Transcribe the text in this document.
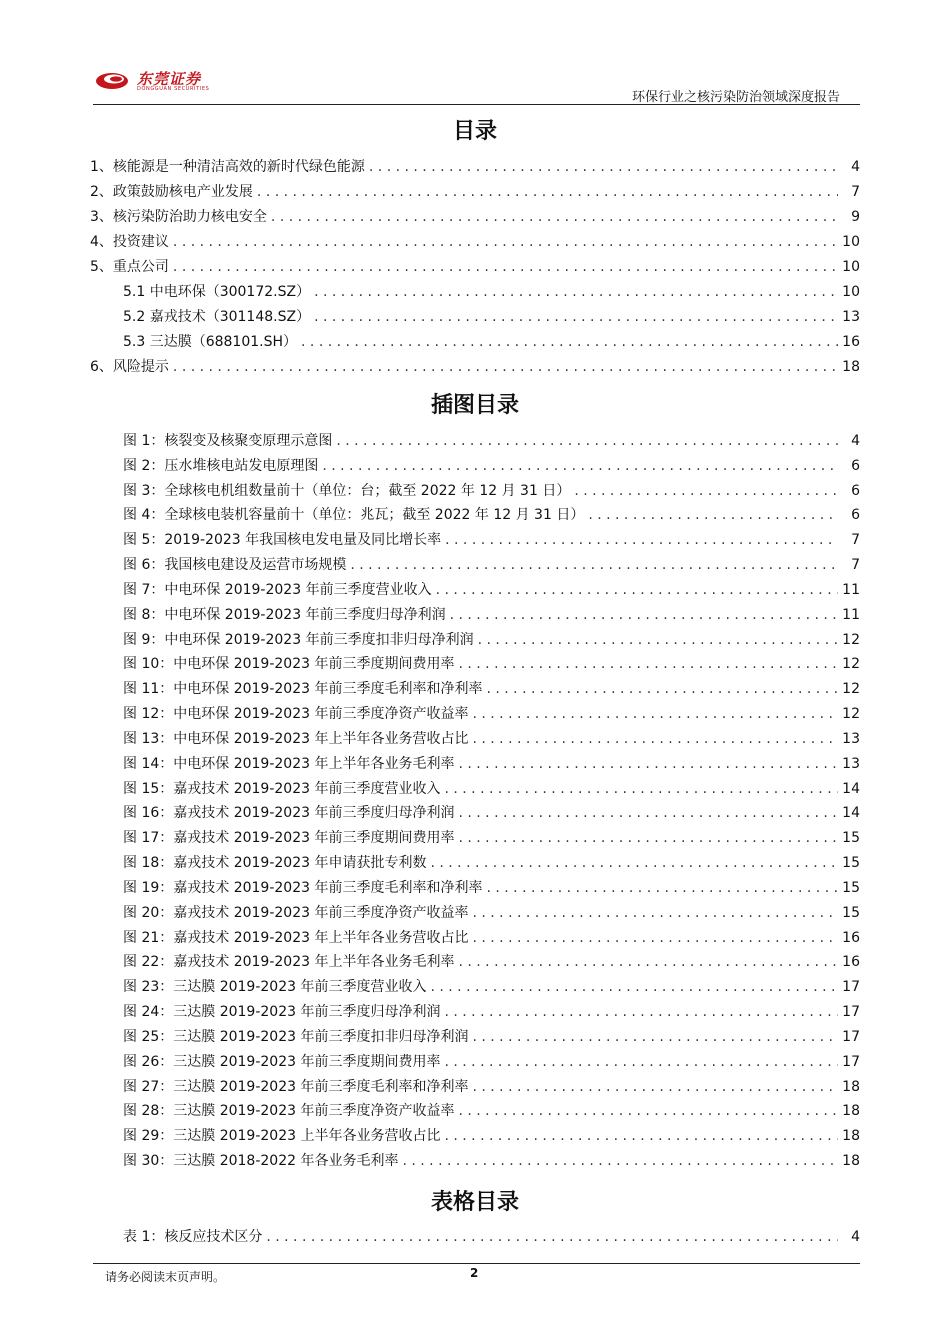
东莞证券
DONGGUAN SECURITIES
环保行业之核污染防治领域深度报告
目录
1、核能源是一种清洁高效的新时代绿色能源 . . .	4
2、政策鼓励核电产业发展 . . .	7
3、核污染防治助力核电安全 . . .	9
4、投资建议 . . .	10
5、重点公司 . . .	10
5.1 中电环保（300172.SZ） . . .	10
5.2 嘉戎技术（301148.SZ） . . .	13
5.3 三达膜（688101.SH） . . .	16
6、风险提示 . . .	18
插图目录
图 1：核裂变及核聚变原理示意图 . . .	4
图 2：压水堆核电站发电原理图 . . .	6
图 3：全球核电机组数量前十（单位：台；截至 2022 年 12 月 31 日） . . .	6
图 4：全球核电装机容量前十（单位：兆瓦；截至 2022 年 12 月 31 日） . . .	6
图 5：2019-2023 年我国核电发电量及同比增长率 . . .	7
图 6：我国核电建设及运营市场规模 . . .	7
图 7：中电环保 2019-2023 年前三季度营业收入 . . .	11
图 8：中电环保 2019-2023 年前三季度归母净利润 . . .	11
图 9：中电环保 2019-2023 年前三季度扣非归母净利润 . . .	12
图 10：中电环保 2019-2023 年前三季度期间费用率 . . .	12
图 11：中电环保 2019-2023 年前三季度毛利率和净利率 . . .	12
图 12：中电环保 2019-2023 年前三季度净资产收益率 . . .	12
图 13：中电环保 2019-2023 年上半年各业务营收占比 . . .	13
图 14：中电环保 2019-2023 年上半年各业务毛利率 . . .	13
图 15：嘉戎技术 2019-2023 年前三季度营业收入 . . .	14
图 16：嘉戎技术 2019-2023 年前三季度归母净利润 . . .	14
图 17：嘉戎技术 2019-2023 年前三季度期间费用率 . . .	15
图 18：嘉戎技术 2019-2023 年申请获批专利数 . . .	15
图 19：嘉戎技术 2019-2023 年前三季度毛利率和净利率 . . .	15
图 20：嘉戎技术 2019-2023 年前三季度净资产收益率 . . .	15
图 21：嘉戎技术 2019-2023 年上半年各业务营收占比 . . .	16
图 22：嘉戎技术 2019-2023 年上半年各业务毛利率 . . .	16
图 23：三达膜 2019-2023 年前三季度营业收入 . . .	17
图 24：三达膜 2019-2023 年前三季度归母净利润 . . .	17
图 25：三达膜 2019-2023 年前三季度扣非归母净利润 . . .	17
图 26：三达膜 2019-2023 年前三季度期间费用率 . . .	17
图 27：三达膜 2019-2023 年前三季度毛利率和净利率 . . .	18
图 28：三达膜 2019-2023 年前三季度净资产收益率 . . .	18
图 29：三达膜 2019-2023 上半年各业务营收占比 . . .	18
图 30：三达膜 2018-2022 年各业务毛利率 . . .	18
表格目录
表 1：核反应技术区分 . . .	4
请务必阅读末页声明。	2
